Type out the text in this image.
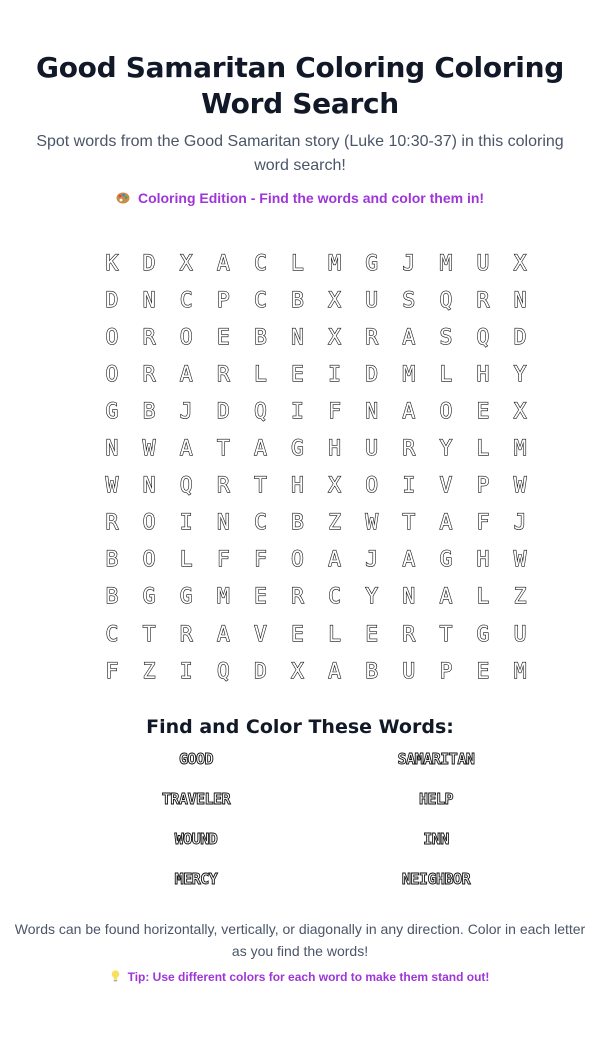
Good Samaritan Coloring Coloring Word Search
Spot words from the Good Samaritan story (Luke 10:30-37) in this coloring word search!
Coloring Edition - Find the words and color them in!
K	D	X	A	C	L	M	G	J	M	U	X
D	N	C	P	C	B	X	U	S	Q	R	N
O	R	O	E	B	N	X	R	A	S	Q	D
O	R	A	R	L	E	I	D	M	L	H	Y
G	B	J	D	Q	I	F	N	A	O	E	X
N	W	A	T	A	G	H	U	R	Y	L	M
W	N	Q	R	T	H	X	O	I	V	P	W
R	O	I	N	C	B	Z	W	T	A	F	J
B	O	L	F	F	O	A	J	A	G	H	W
B	G	G	M	E	R	C	Y	N	A	L	Z
C	T	R	A	V	E	L	E	R	T	G	U
F	Z	I	Q	D	X	A	B	U	P	E	M
Find and Color These Words:
GOOD	SAMARITAN
TRAVELER	HELP
WOUND	INN
MERCY	NEIGHBOR
Words can be found horizontally, vertically, or diagonally in any direction. Color in each letter as you find the words!
Tip: Use different colors for each word to make them stand out!
